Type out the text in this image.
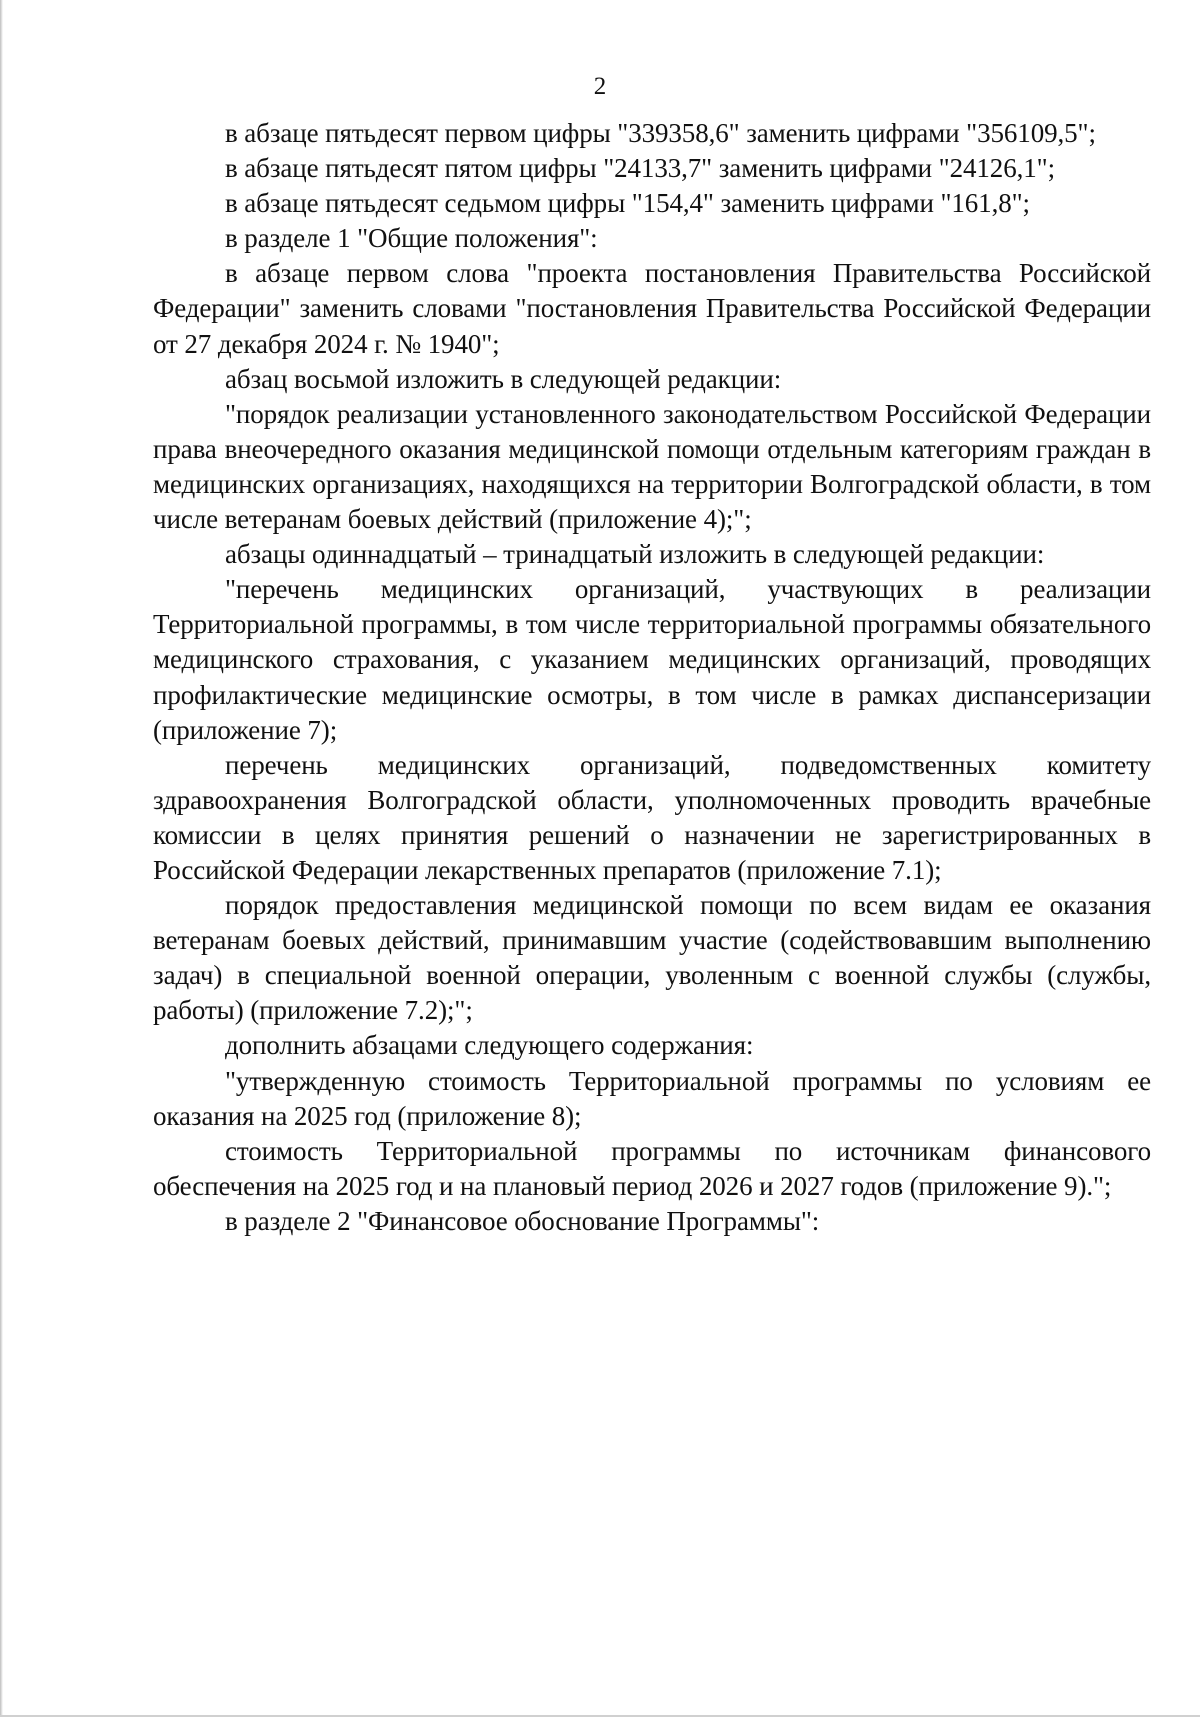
2

в абзаце пятьдесят первом цифры "339358,6" заменить цифрами "356109,5";

в абзаце пятьдесят пятом цифры "24133,7" заменить цифрами "24126,1";

в абзаце пятьдесят седьмом цифры "154,4" заменить цифрами "161,8";

в разделе 1 "Общие положения":

в абзаце первом слова "проекта постановления Правительства Российской Федерации" заменить словами "постановления Правительства Российской Федерации от 27 декабря 2024 г. № 1940";

абзац восьмой изложить в следующей редакции:

"порядок реализации установленного законодательством Российской Федерации права внеочередного оказания медицинской помощи отдельным категориям граждан в медицинских организациях, находящихся на территории Волгоградской области, в том числе ветеранам боевых действий (приложение 4);";

абзацы одиннадцатый – тринадцатый изложить в следующей редакции:

"перечень медицинских организаций, участвующих в реализации Территориальной программы, в том числе территориальной программы обязательного медицинского страхования, с указанием медицинских организаций, проводящих профилактические медицинские осмотры, в том числе в рамках диспансеризации (приложение 7);

перечень медицинских организаций, подведомственных комитету здравоохранения Волгоградской области, уполномоченных проводить врачебные комиссии в целях принятия решений о назначении не зарегистрированных в Российской Федерации лекарственных препаратов (приложение 7.1);

порядок предоставления медицинской помощи по всем видам ее оказания ветеранам боевых действий, принимавшим участие (содействовавшим выполнению задач) в специальной военной операции, уволенным с военной службы (службы, работы) (приложение 7.2);";

дополнить абзацами следующего содержания:

"утвержденную стоимость Территориальной программы по условиям ее оказания на 2025 год (приложение 8);

стоимость Территориальной программы по источникам финансового обеспечения на 2025 год и на плановый период 2026 и 2027 годов (приложение 9).";

в разделе 2 "Финансовое обоснование Программы":
